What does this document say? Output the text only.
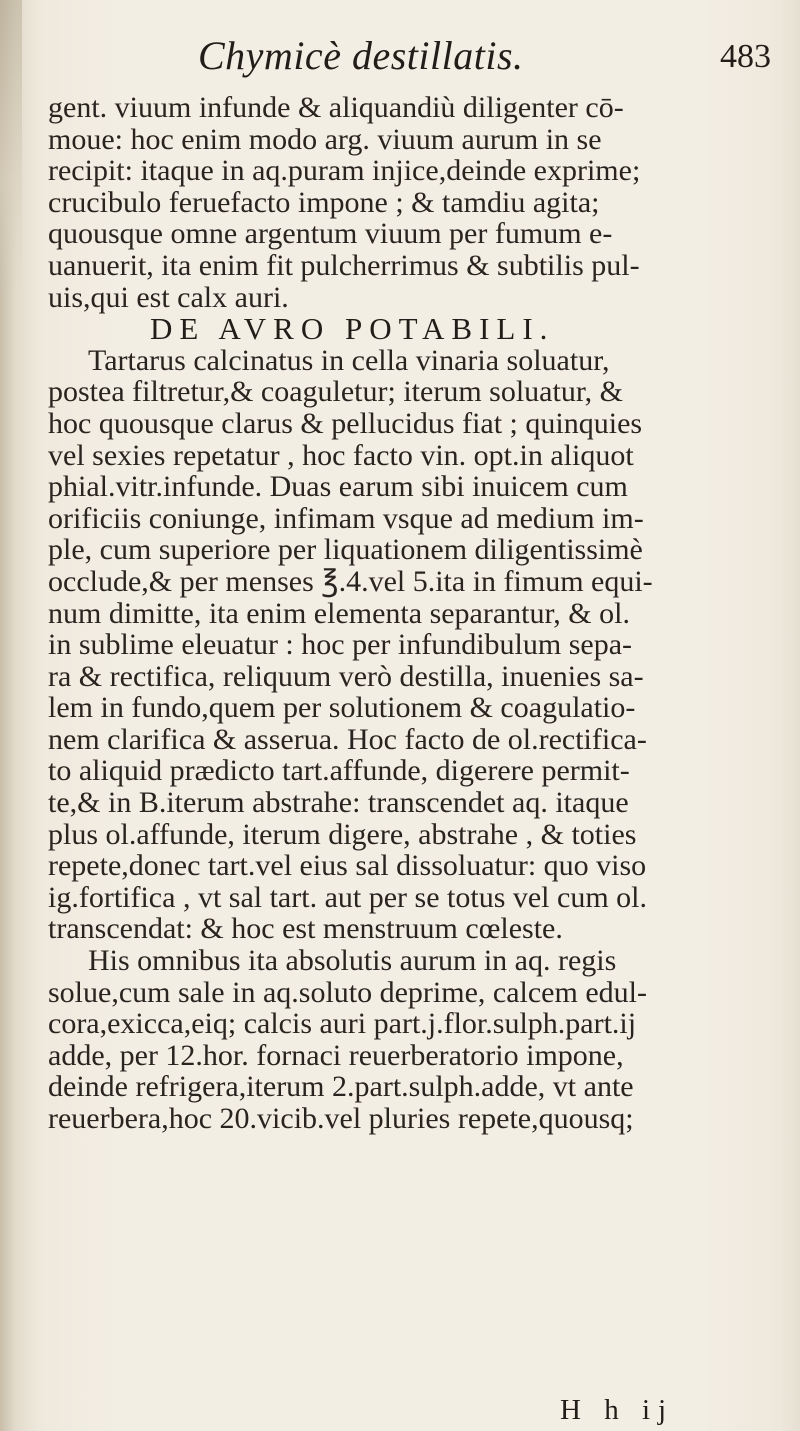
Chymicè destillatis.	483
gent. viuum infunde & aliquandiù diligenter cō-
moue: hoc enim modo arg. viuum aurum in se
recipit: itaque in aq.puram injice,deinde exprime;
crucibulo feruefacto impone ; & tamdiu agita;
quousque omne argentum viuum per fumum e-
uanuerit, ita enim fit pulcherrimus & subtilis pul-
uis,qui est calx auri.
DE AVRO POTABILI.
Tartarus calcinatus in cella vinaria soluatur,
postea filtretur,& coaguletur; iterum soluatur, &
hoc quousque clarus & pellucidus fiat ; quinquies
vel sexies repetatur , hoc facto vin. opt.in aliquot
phial.vitr.infunde. Duas earum sibi inuicem cum
orificiis coniunge, infimam vsque ad medium im-
ple, cum superiore per liquationem diligentissimè
occlude,& per menses ℥.4.vel 5.ita in fimum equi-
num dimitte, ita enim elementa separantur, & ol.
in sublime eleuatur : hoc per infundibulum sepa-
ra & rectifica, reliquum verò destilla, inuenies sa-
lem in fundo,quem per solutionem & coagulatio-
nem clarifica & asserua. Hoc facto de ol.rectifica-
to aliquid prædicto tart.affunde, digerere permit-
te,& in B.iterum abstrahe: transcendet aq. itaque
plus ol.affunde, iterum digere, abstrahe , & toties
repete,donec tart.vel eius sal dissoluatur: quo viso
ig.fortifica , vt sal tart. aut per se totus vel cum ol.
transcendat: & hoc est menstruum cœleste.
His omnibus ita absolutis aurum in aq. regis
solue,cum sale in aq.soluto deprime, calcem edul-
cora,exicca,eiq; calcis auri part.j.flor.sulph.part.ij
adde, per 12.hor. fornaci reuerberatorio impone,
deinde refrigera,iterum 2.part.sulph.adde, vt ante
reuerbera,hoc 20.vicib.vel pluries repete,quousq;
H h ij
